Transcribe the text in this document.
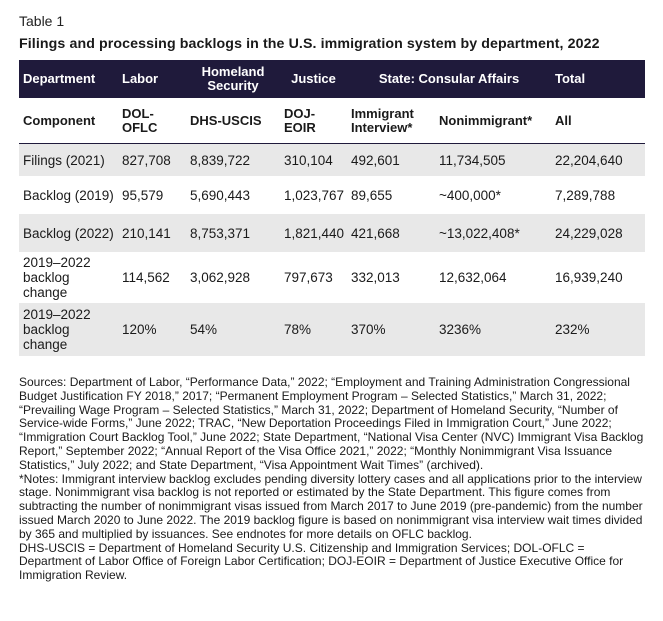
Table 1
Filings and processing backlogs in the U.S. immigration system by department, 2022
Department	Labor	Homeland Security	Justice	State: Consular Affairs		Total
Component	DOL-OFLC	DHS-USCIS	DOJ-EOIR	Immigrant Interview*	Nonimmigrant*	All
Filings (2021)	827,708	8,839,722	310,104	492,601	11,734,505	22,204,640
Backlog (2019)	95,579	5,690,443	1,023,767	89,655	~400,000*	7,289,788
Backlog (2022)	210,141	8,753,371	1,821,440	421,668	~13,022,408*	24,229,028
2019–2022 backlog change	114,562	3,062,928	797,673	332,013	12,632,064	16,939,240
2019–2022 backlog change	120%	54%	78%	370%	3236%	232%

Sources: Department of Labor, “Performance Data,” 2022; “Employment and Training Administration Congressional Budget Justification FY 2018,” 2017; “Permanent Employment Program – Selected Statistics,” March 31, 2022; “Prevailing Wage Program – Selected Statistics,” March 31, 2022; Department of Homeland Security, “Number of Service-wide Forms,” June 2022; TRAC, “New Deportation Proceedings Filed in Immigration Court,” June 2022; “Immigration Court Backlog Tool,” June 2022; State Department, “National Visa Center (NVC) Immigrant Visa Backlog Report,” September 2022; “Annual Report of the Visa Office 2021,” 2022; “Monthly Nonimmigrant Visa Issuance Statistics,” July 2022; and State Department, “Visa Appointment Wait Times” (archived).

*Notes: Immigrant interview backlog excludes pending diversity lottery cases and all applications prior to the interview stage. Nonimmigrant visa backlog is not reported or estimated by the State Department. This figure comes from subtracting the number of nonimmigrant visas issued from March 2017 to June 2019 (pre-pandemic) from the number issued March 2020 to June 2022. The 2019 backlog figure is based on nonimmigrant visa interview wait times divided by 365 and multiplied by issuances. See endnotes for more details on OFLC backlog.

DHS-USCIS = Department of Homeland Security U.S. Citizenship and Immigration Services; DOL-OFLC = Department of Labor Office of Foreign Labor Certification; DOJ-EOIR = Department of Justice Executive Office for Immigration Review.
